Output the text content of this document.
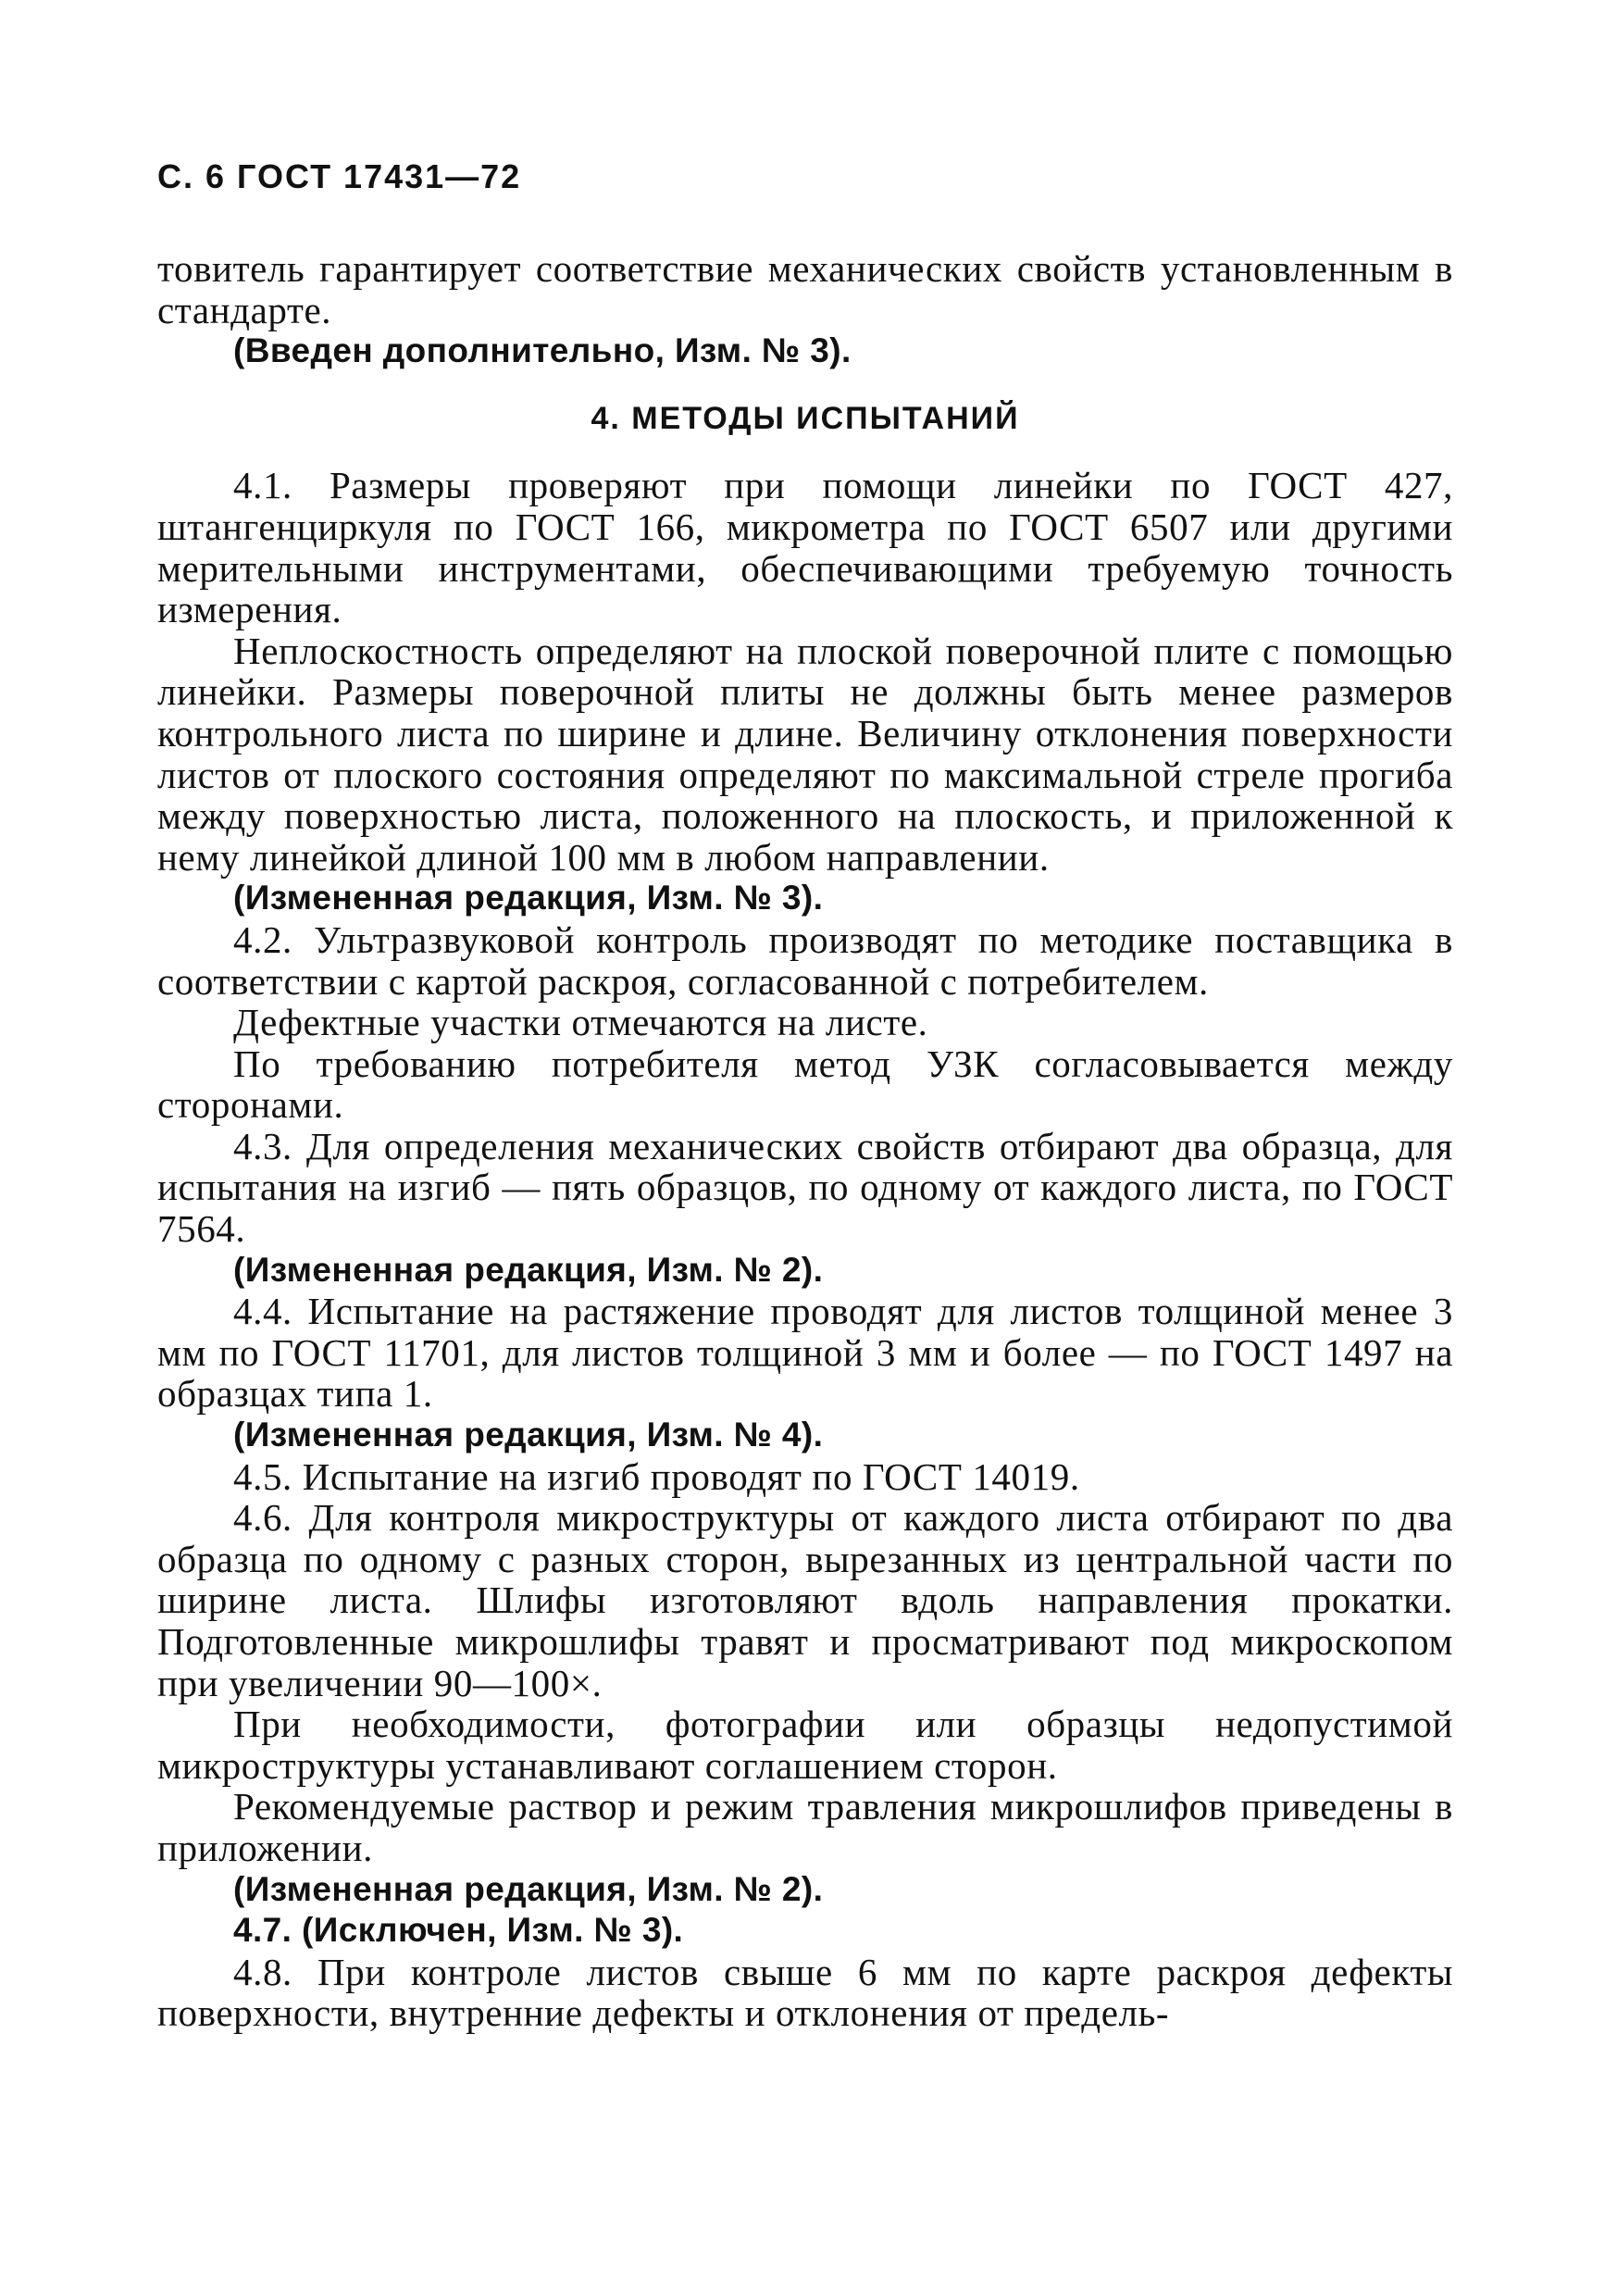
С. 6 ГОСТ 17431—72

товитель гарантирует соответствие механических свойств установленным в стандарте.

(Введен дополнительно, Изм. № 3).

4. МЕТОДЫ ИСПЫТАНИЙ

4.1. Размеры проверяют при помощи линейки по ГОСТ 427, штангенциркуля по ГОСТ 166, микрометра по ГОСТ 6507 или другими мерительными инструментами, обеспечивающими требуемую точность измерения.

Неплоскостность определяют на плоской поверочной плите с помощью линейки. Размеры поверочной плиты не должны быть менее размеров контрольного листа по ширине и длине. Величину отклонения поверхности листов от плоского состояния определяют по максимальной стреле прогиба между поверхностью листа, положенного на плоскость, и приложенной к нему линейкой длиной 100 мм в любом направлении.

(Измененная редакция, Изм. № 3).

4.2. Ультразвуковой контроль производят по методике поставщика в соответствии с картой раскроя, согласованной с потребителем.

Дефектные участки отмечаются на листе.

По требованию потребителя метод УЗК согласовывается между сторонами.

4.3. Для определения механических свойств отбирают два образца, для испытания на изгиб — пять образцов, по одному от каждого листа, по ГОСТ 7564.

(Измененная редакция, Изм. № 2).

4.4. Испытание на растяжение проводят для листов толщиной менее 3 мм по ГОСТ 11701, для листов толщиной 3 мм и более — по ГОСТ 1497 на образцах типа 1.

(Измененная редакция, Изм. № 4).

4.5. Испытание на изгиб проводят по ГОСТ 14019.

4.6. Для контроля микроструктуры от каждого листа отбирают по два образца по одному с разных сторон, вырезанных из центральной части по ширине листа. Шлифы изготовляют вдоль направления прокатки. Подготовленные микрошлифы травят и просматривают под микроскопом при увеличении 90—100×.

При необходимости, фотографии или образцы недопустимой микроструктуры устанавливают соглашением сторон.

Рекомендуемые раствор и режим травления микрошлифов приведены в приложении.

(Измененная редакция, Изм. № 2).

4.7. (Исключен, Изм. № 3).

4.8. При контроле листов свыше 6 мм по карте раскроя дефекты поверхности, внутренние дефекты и отклонения от предель-
